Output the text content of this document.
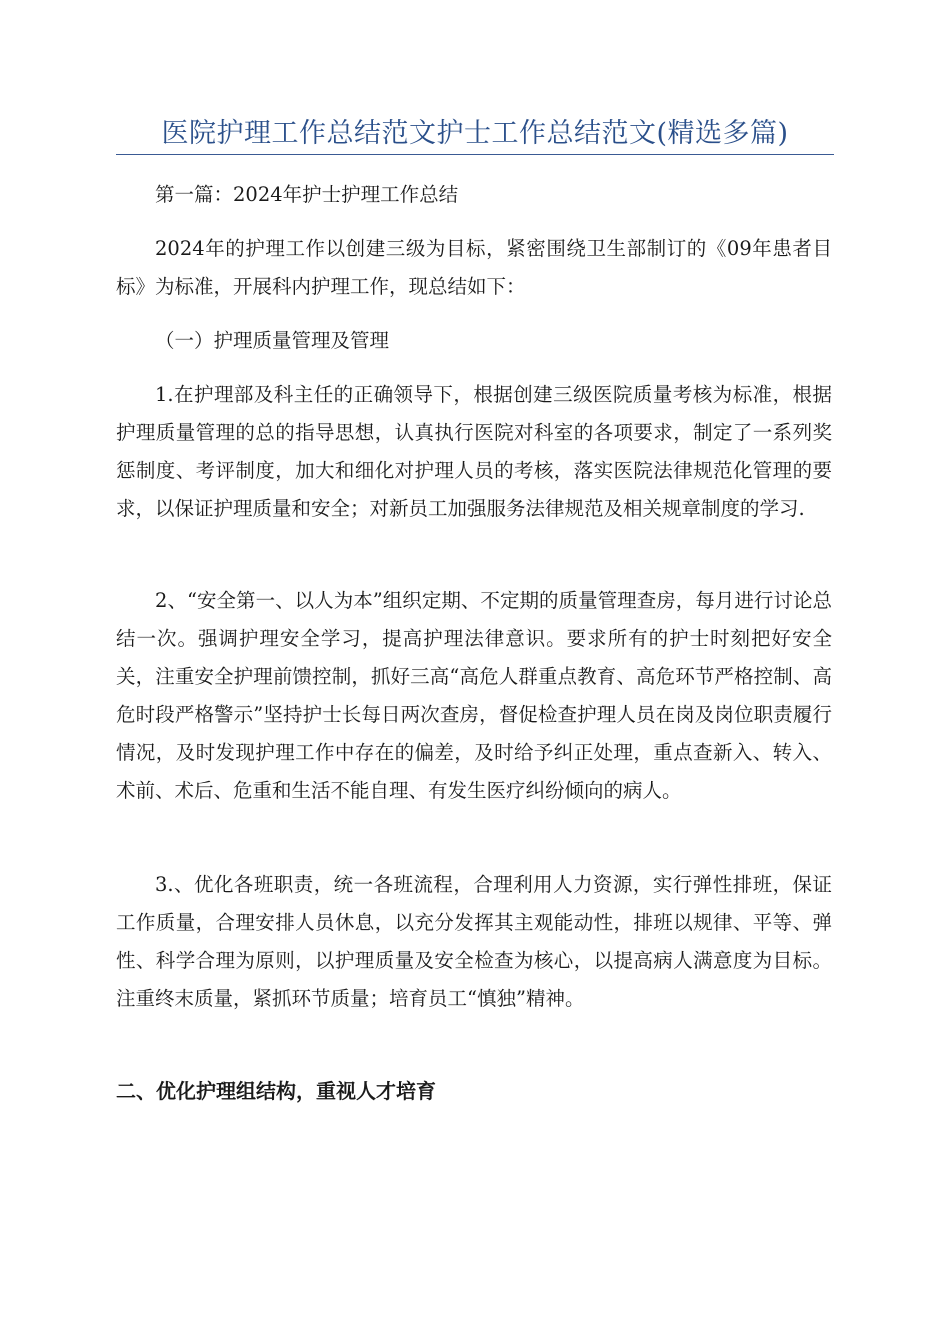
医院护理工作总结范文护士工作总结范文(精选多篇)

第一篇：2024年护士护理工作总结

2024年的护理工作以创建三级为目标，紧密围绕卫生部制订的《09年患者目标》为标准，开展科内护理工作，现总结如下：

（一）护理质量管理及管理

1.在护理部及科主任的正确领导下，根据创建三级医院质量考核为标准，根据护理质量管理的总的指导思想，认真执行医院对科室的各项要求，制定了一系列奖惩制度、考评制度，加大和细化对护理人员的考核，落实医院法律规范化管理的要求，以保证护理质量和安全；对新员工加强服务法律规范及相关规章制度的学习.

2、“安全第一、以人为本”组织定期、不定期的质量管理查房，每月进行讨论总结一次。强调护理安全学习，提高护理法律意识。要求所有的护士时刻把好安全关，注重安全护理前馈控制，抓好三高“高危人群重点教育、高危环节严格控制、高危时段严格警示”坚持护士长每日两次查房，督促检查护理人员在岗及岗位职责履行情况，及时发现护理工作中存在的偏差，及时给予纠正处理，重点查新入、转入、术前、术后、危重和生活不能自理、有发生医疗纠纷倾向的病人。

3.、优化各班职责，统一各班流程，合理利用人力资源，实行弹性排班，保证工作质量，合理安排人员休息，以充分发挥其主观能动性，排班以规律、平等、弹性、科学合理为原则，以护理质量及安全检查为核心，以提高病人满意度为目标。注重终末质量，紧抓环节质量；培育员工“慎独”精神。

二、优化护理组结构，重视人才培育
